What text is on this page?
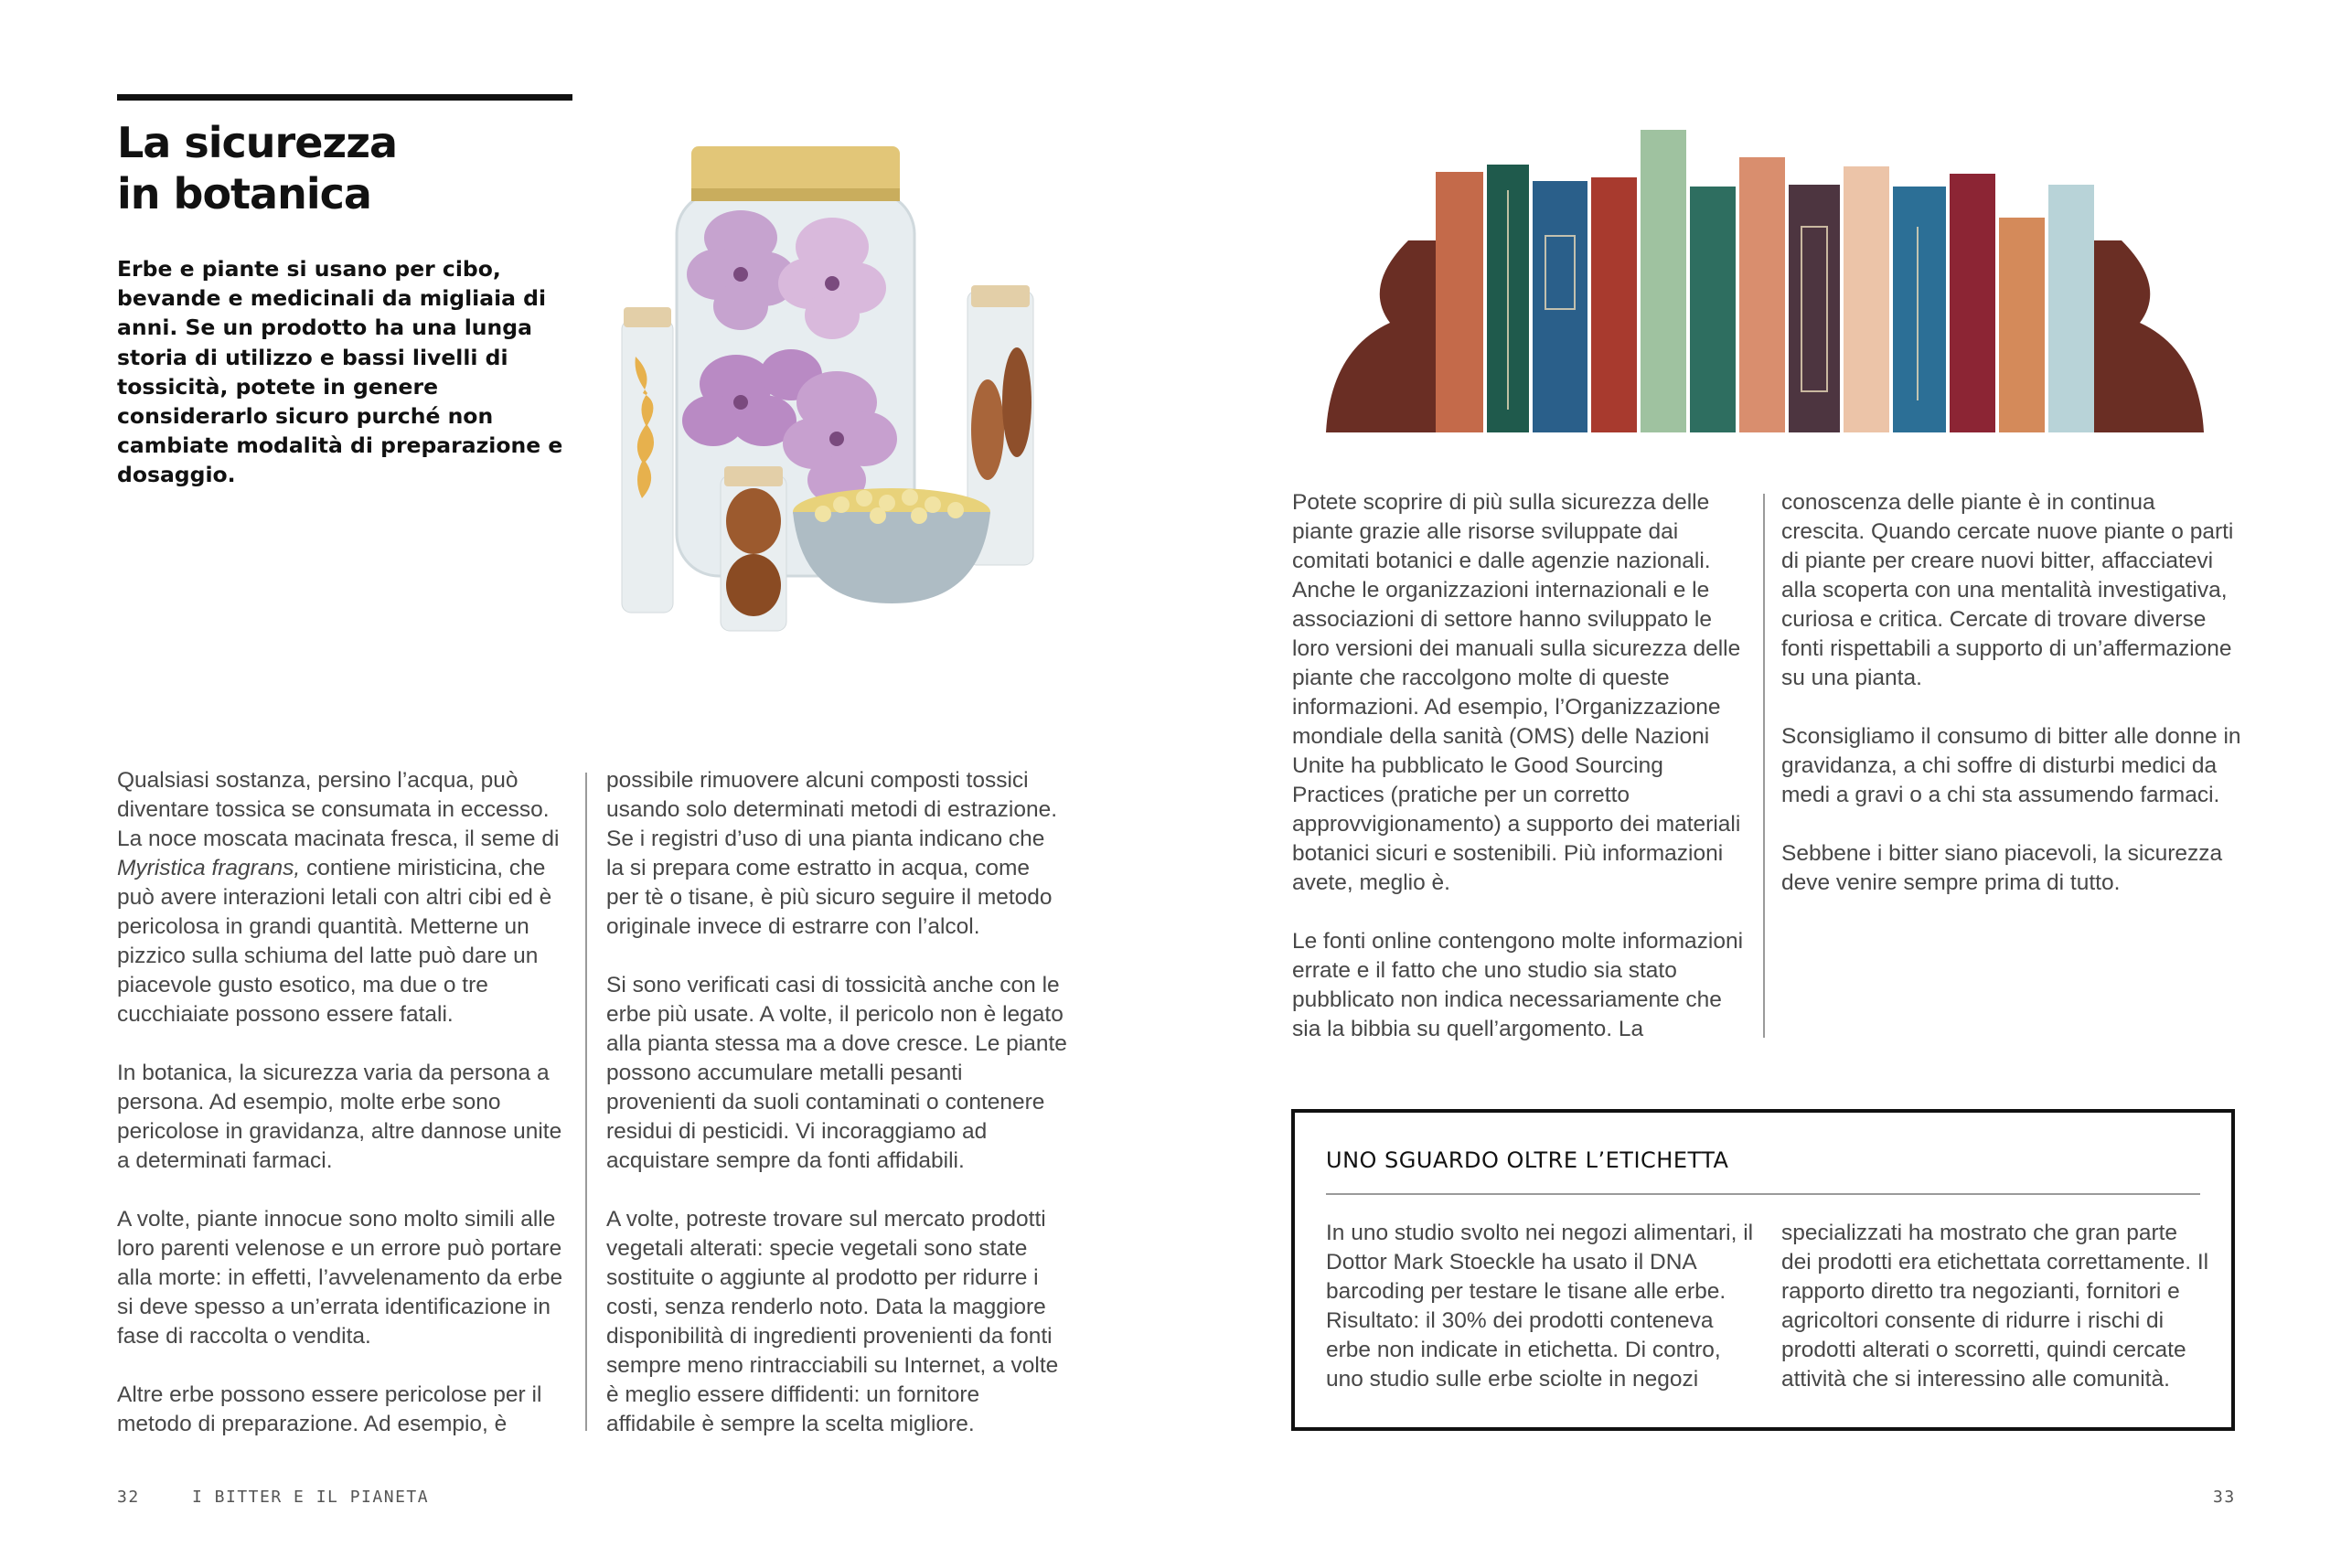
La sicurezza
in botanica

Erbe e piante si usano per cibo, bevande e medicinali da migliaia di anni. Se un prodotto ha una lunga storia di utilizzo e bassi livelli di tossicità, potete in genere considerarlo sicuro purché non cambiate modalità di preparazione e dosaggio.

Qualsiasi sostanza, persino l’acqua, può diventare tossica se consumata in eccesso. La noce moscata macinata fresca, il seme di Myristica fragrans, contiene miristicina, che può avere interazioni letali con altri cibi ed è pericolosa in grandi quantità. Metterne un pizzico sulla schiuma del latte può dare un piacevole gusto esotico, ma due o tre cucchiaiate possono essere fatali.

In botanica, la sicurezza varia da persona a persona. Ad esempio, molte erbe sono pericolose in gravidanza, altre dannose unite a determinati farmaci.

A volte, piante innocue sono molto simili alle loro parenti velenose e un errore può portare alla morte: in effetti, l’avvelenamento da erbe si deve spesso a un’errata identificazione in fase di raccolta o vendita.

Altre erbe possono essere pericolose per il metodo di preparazione. Ad esempio, è

possibile rimuovere alcuni composti tossici usando solo determinati metodi di estrazione. Se i registri d’uso di una pianta indicano che la si prepara come estratto in acqua, come per tè o tisane, è più sicuro seguire il metodo originale invece di estrarre con l’alcol.

Si sono verificati casi di tossicità anche con le erbe più usate. A volte, il pericolo non è legato alla pianta stessa ma a dove cresce. Le piante possono accumulare metalli pesanti provenienti da suoli contaminati o contenere residui di pesticidi. Vi incoraggiamo ad acquistare sempre da fonti affidabili.

A volte, potreste trovare sul mercato prodotti vegetali alterati: specie vegetali sono state sostituite o aggiunte al prodotto per ridurre i costi, senza renderlo noto. Data la maggiore disponibilità di ingredienti provenienti da fonti sempre meno rintracciabili su Internet, a volte è meglio essere diffidenti: un fornitore affidabile è sempre la scelta migliore.

32	I BITTER E IL PIANETA

Potete scoprire di più sulla sicurezza delle piante grazie alle risorse sviluppate dai comitati botanici e dalle agenzie nazionali. Anche le organizzazioni internazionali e le associazioni di settore hanno sviluppato le loro versioni dei manuali sulla sicurezza delle piante che raccolgono molte di queste informazioni. Ad esempio, l’Organizzazione mondiale della sanità (OMS) delle Nazioni Unite ha pubblicato le Good Sourcing Practices (pratiche per un corretto approvvigionamento) a supporto dei materiali botanici sicuri e sostenibili. Più informazioni avete, meglio è.

Le fonti online contengono molte informazioni errate e il fatto che uno studio sia stato pubblicato non indica necessariamente che sia la bibbia su quell’argomento. La

conoscenza delle piante è in continua crescita. Quando cercate nuove piante o parti di piante per creare nuovi bitter, affacciatevi alla scoperta con una mentalità investigativa, curiosa e critica. Cercate di trovare diverse fonti rispettabili a supporto di un’affermazione su una pianta.

Sconsigliamo il consumo di bitter alle donne in gravidanza, a chi soffre di disturbi medici da medi a gravi o a chi sta assumendo farmaci.

Sebbene i bitter siano piacevoli, la sicurezza deve venire sempre prima di tutto.

UNO SGUARDO OLTRE L’ETICHETTA

In uno studio svolto nei negozi alimentari, il Dottor Mark Stoeckle ha usato il DNA barcoding per testare le tisane alle erbe. Risultato: il 30% dei prodotti conteneva erbe non indicate in etichetta. Di contro, uno studio sulle erbe sciolte in negozi

specializzati ha mostrato che gran parte dei prodotti era etichettata correttamente. Il rapporto diretto tra negozianti, fornitori e agricoltori consente di ridurre i rischi di prodotti alterati o scorretti, quindi cercate attività che si interessino alle comunità.

33
